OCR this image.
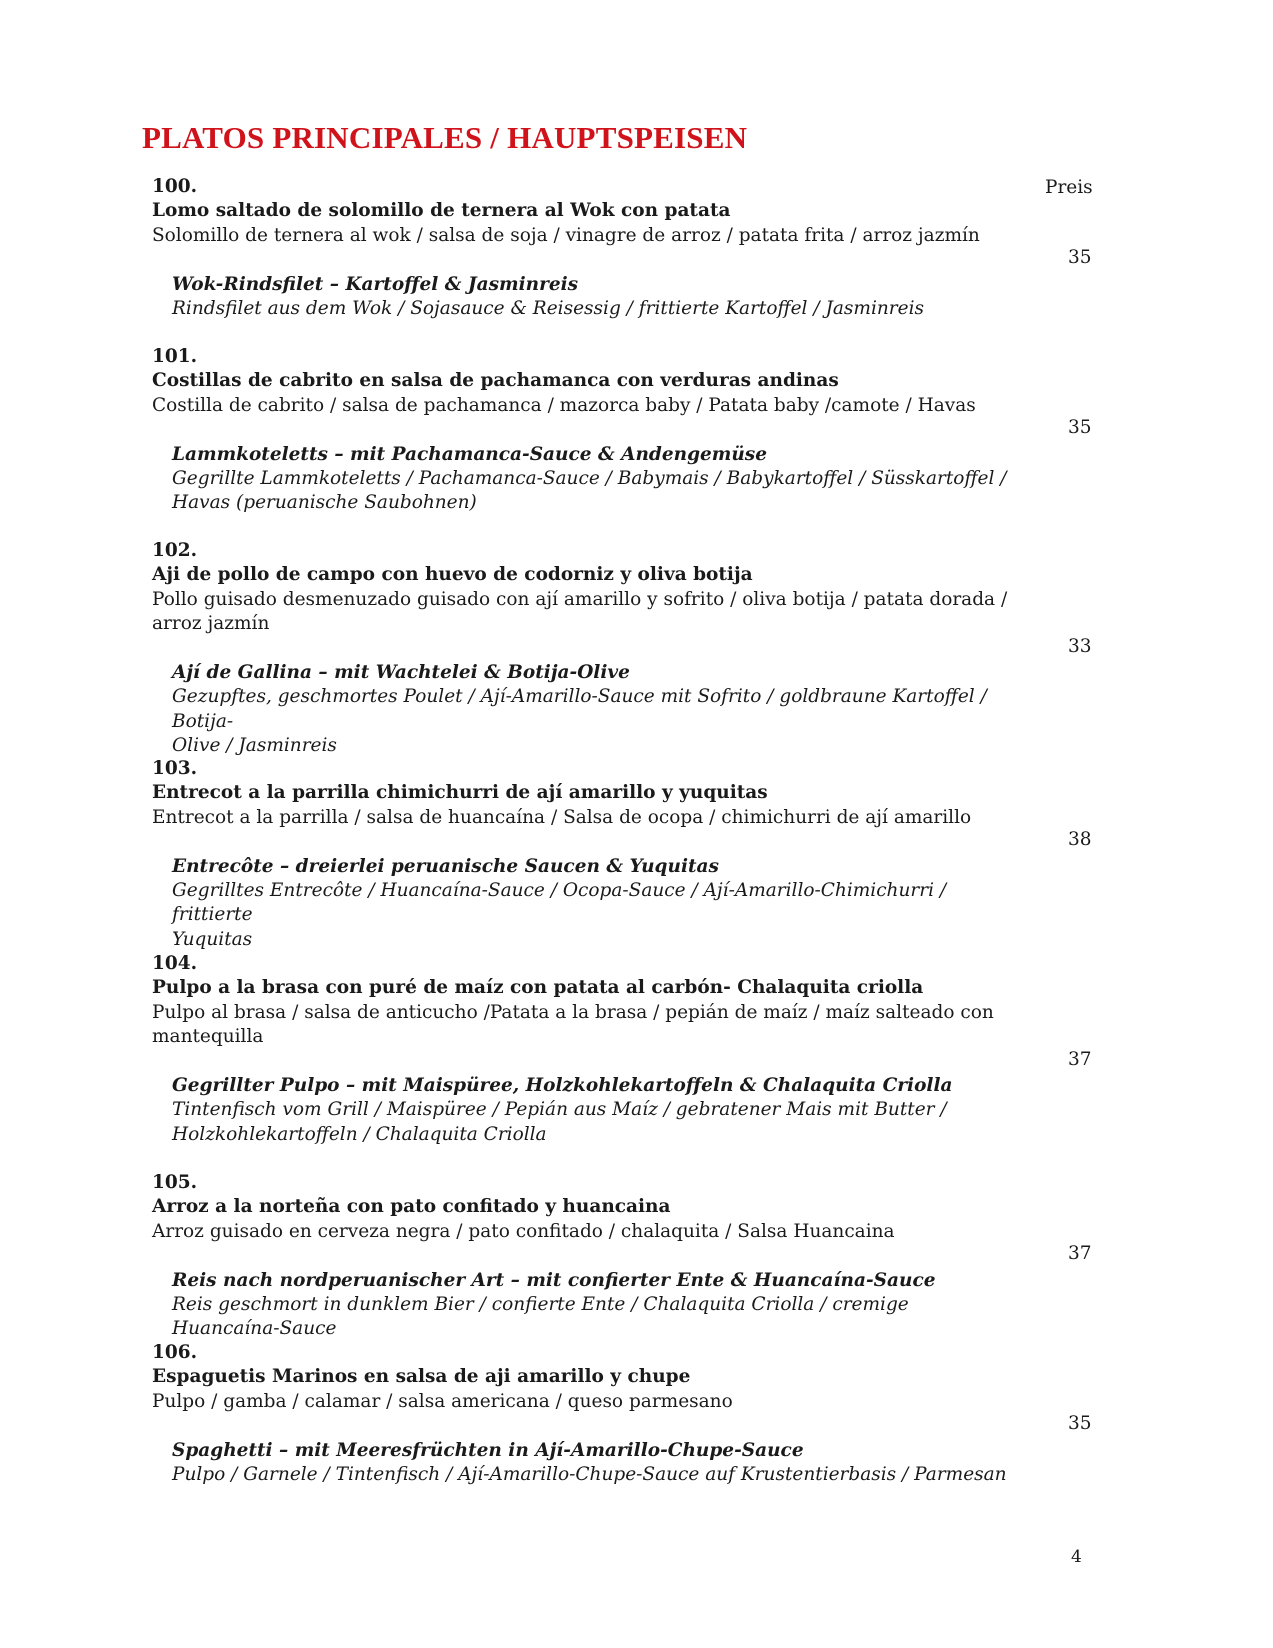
PLATOS PRINCIPALES / HAUPTSPEISEN
Preis
100.
Lomo saltado de solomillo de ternera al Wok con patata
Solomillo de ternera al wok / salsa de soja / vinagre de arroz / patata frita / arroz jazmín
Wok-Rindsfilet – Kartoffel & Jasminreis
Rindsfilet aus dem Wok / Sojasauce & Reisessig / frittierte Kartoffel / Jasminreis
35
101.
Costillas de cabrito en salsa de pachamanca con verduras andinas
Costilla de cabrito / salsa de pachamanca / mazorca baby / Patata baby /camote / Havas
Lammkoteletts – mit Pachamanca-Sauce & Andengemüse
Gegrillte Lammkoteletts / Pachamanca-Sauce / Babymais / Babykartoffel / Süsskartoffel /
Havas (peruanische Saubohnen)
35
102.
Aji de pollo de campo con huevo de codorniz y oliva botija
Pollo guisado desmenuzado guisado con ají amarillo y sofrito / oliva botija / patata dorada /
arroz jazmín
Ají de Gallina – mit Wachtelei & Botija-Olive
Gezupftes, geschmortes Poulet / Ají-Amarillo-Sauce mit Sofrito / goldbraune Kartoffel / Botija-
Olive / Jasminreis
33
103.
Entrecot a la parrilla chimichurri de ají amarillo y yuquitas
Entrecot a la parrilla / salsa de huancaína / Salsa de ocopa / chimichurri de ají amarillo
Entrecôte – dreierlei peruanische Saucen & Yuquitas
Gegrilltes Entrecôte / Huancaína-Sauce / Ocopa-Sauce / Ají-Amarillo-Chimichurri / frittierte
Yuquitas
38
104.
Pulpo a la brasa con puré de maíz con patata al carbón- Chalaquita criolla
Pulpo al brasa / salsa de anticucho /Patata a la brasa / pepián de maíz / maíz salteado con
mantequilla
Gegrillter Pulpo – mit Maispüree, Holzkohlekartoffeln & Chalaquita Criolla
Tintenfisch vom Grill / Maispüree / Pepián aus Maíz / gebratener Mais mit Butter /
Holzkohlekartoffeln / Chalaquita Criolla
37
105.
Arroz a la norteña con pato confitado y huancaina
Arroz guisado en cerveza negra / pato confitado / chalaquita / Salsa Huancaina
Reis nach nordperuanischer Art – mit confierter Ente & Huancaína-Sauce
Reis geschmort in dunklem Bier / confierte Ente / Chalaquita Criolla / cremige Huancaína-Sauce
37
106.
Espaguetis Marinos en salsa de aji amarillo y chupe
Pulpo / gamba / calamar / salsa americana / queso parmesano
Spaghetti – mit Meeresfrüchten in Ají-Amarillo-Chupe-Sauce
Pulpo / Garnele / Tintenfisch / Ají-Amarillo-Chupe-Sauce auf Krustentierbasis / Parmesan
35
4
